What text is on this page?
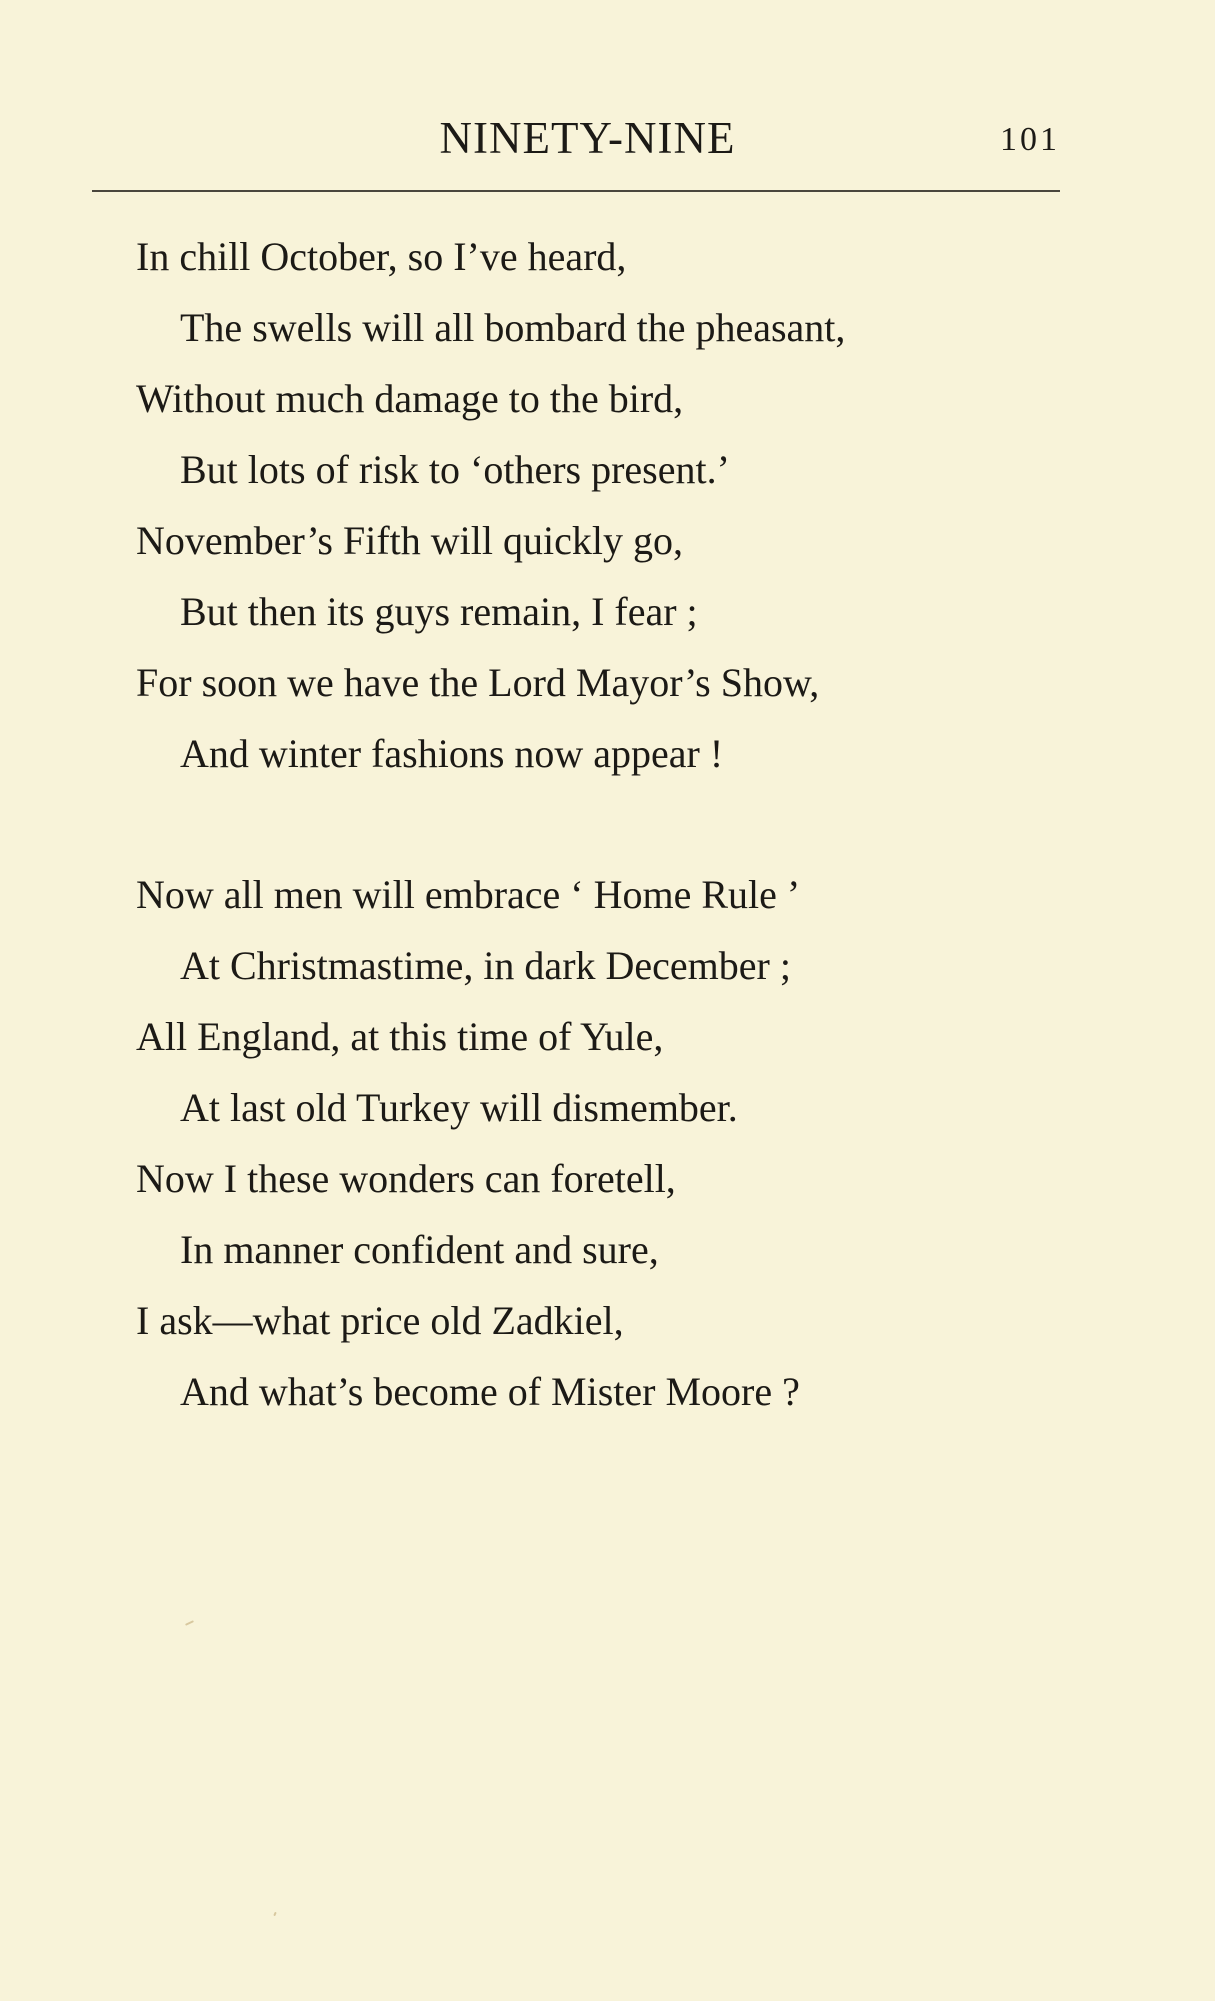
NINETY-NINE	101
In chill October, so I’ve heard,
The swells will all bombard the pheasant,
Without much damage to the bird,
But lots of risk to ‘others present.’
November’s Fifth will quickly go,
But then its guys remain, I fear ;
For soon we have the Lord Mayor’s Show,
And winter fashions now appear !
Now all men will embrace ‘ Home Rule ’
At Christmastime, in dark December ;
All England, at this time of Yule,
At last old Turkey will dismember.
Now I these wonders can foretell,
In manner confident and sure,
I ask—what price old Zadkiel,
And what’s become of Mister Moore ?
